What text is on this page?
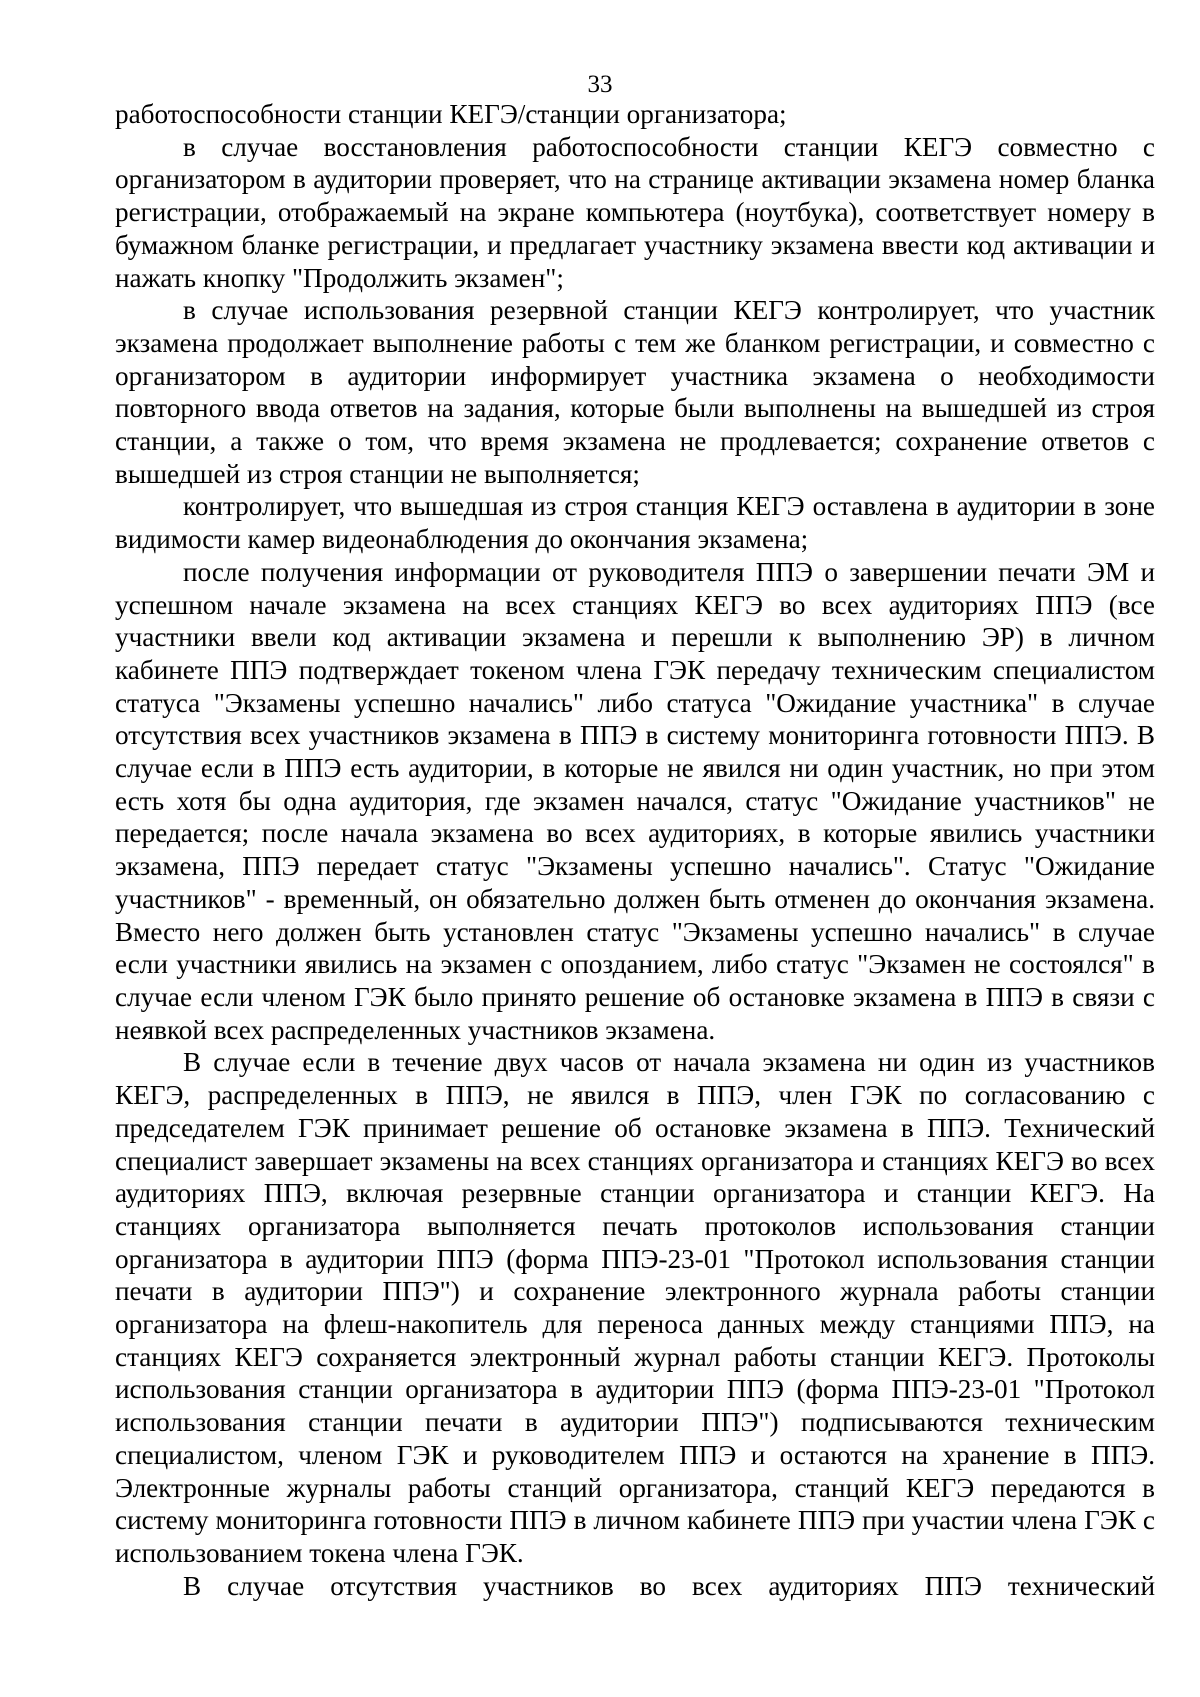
33

работоспособности станции КЕГЭ/станции организатора;

в случае восстановления работоспособности станции КЕГЭ совместно с организатором в аудитории проверяет, что на странице активации экзамена номер бланка регистрации, отображаемый на экране компьютера (ноутбука), соответствует номеру в бумажном бланке регистрации, и предлагает участнику экзамена ввести код активации и нажать кнопку "Продолжить экзамен";

в случае использования резервной станции КЕГЭ контролирует, что участник экзамена продолжает выполнение работы с тем же бланком регистрации, и совместно с организатором в аудитории информирует участника экзамена о необходимости повторного ввода ответов на задания, которые были выполнены на вышедшей из строя станции, а также о том, что время экзамена не продлевается; сохранение ответов с вышедшей из строя станции не выполняется;

контролирует, что вышедшая из строя станция КЕГЭ оставлена в аудитории в зоне видимости камер видеонаблюдения до окончания экзамена;

после получения информации от руководителя ППЭ о завершении печати ЭМ и успешном начале экзамена на всех станциях КЕГЭ во всех аудиториях ППЭ (все участники ввели код активации экзамена и перешли к выполнению ЭР) в личном кабинете ППЭ подтверждает токеном члена ГЭК передачу техническим специалистом статуса "Экзамены успешно начались" либо статуса "Ожидание участника" в случае отсутствия всех участников экзамена в ППЭ в систему мониторинга готовности ППЭ. В случае если в ППЭ есть аудитории, в которые не явился ни один участник, но при этом есть хотя бы одна аудитория, где экзамен начался, статус "Ожидание участников" не передается; после начала экзамена во всех аудиториях, в которые явились участники экзамена, ППЭ передает статус "Экзамены успешно начались". Статус "Ожидание участников" - временный, он обязательно должен быть отменен до окончания экзамена. Вместо него должен быть установлен статус "Экзамены успешно начались" в случае если участники явились на экзамен с опозданием, либо статус "Экзамен не состоялся" в случае если членом ГЭК было принято решение об остановке экзамена в ППЭ в связи с неявкой всех распределенных участников экзамена.

В случае если в течение двух часов от начала экзамена ни один из участников КЕГЭ, распределенных в ППЭ, не явился в ППЭ, член ГЭК по согласованию с председателем ГЭК принимает решение об остановке экзамена в ППЭ. Технический специалист завершает экзамены на всех станциях организатора и станциях КЕГЭ во всех аудиториях ППЭ, включая резервные станции организатора и станции КЕГЭ. На станциях организатора выполняется печать протоколов использования станции организатора в аудитории ППЭ (форма ППЭ-23-01 "Протокол использования станции печати в аудитории ППЭ") и сохранение электронного журнала работы станции организатора на флеш-накопитель для переноса данных между станциями ППЭ, на станциях КЕГЭ сохраняется электронный журнал работы станции КЕГЭ. Протоколы использования станции организатора в аудитории ППЭ (форма ППЭ-23-01 "Протокол использования станции печати в аудитории ППЭ") подписываются техническим специалистом, членом ГЭК и руководителем ППЭ и остаются на хранение в ППЭ. Электронные журналы работы станций организатора, станций КЕГЭ передаются в систему мониторинга готовности ППЭ в личном кабинете ППЭ при участии члена ГЭК с использованием токена члена ГЭК.

В случае отсутствия участников во всех аудиториях ППЭ технический
